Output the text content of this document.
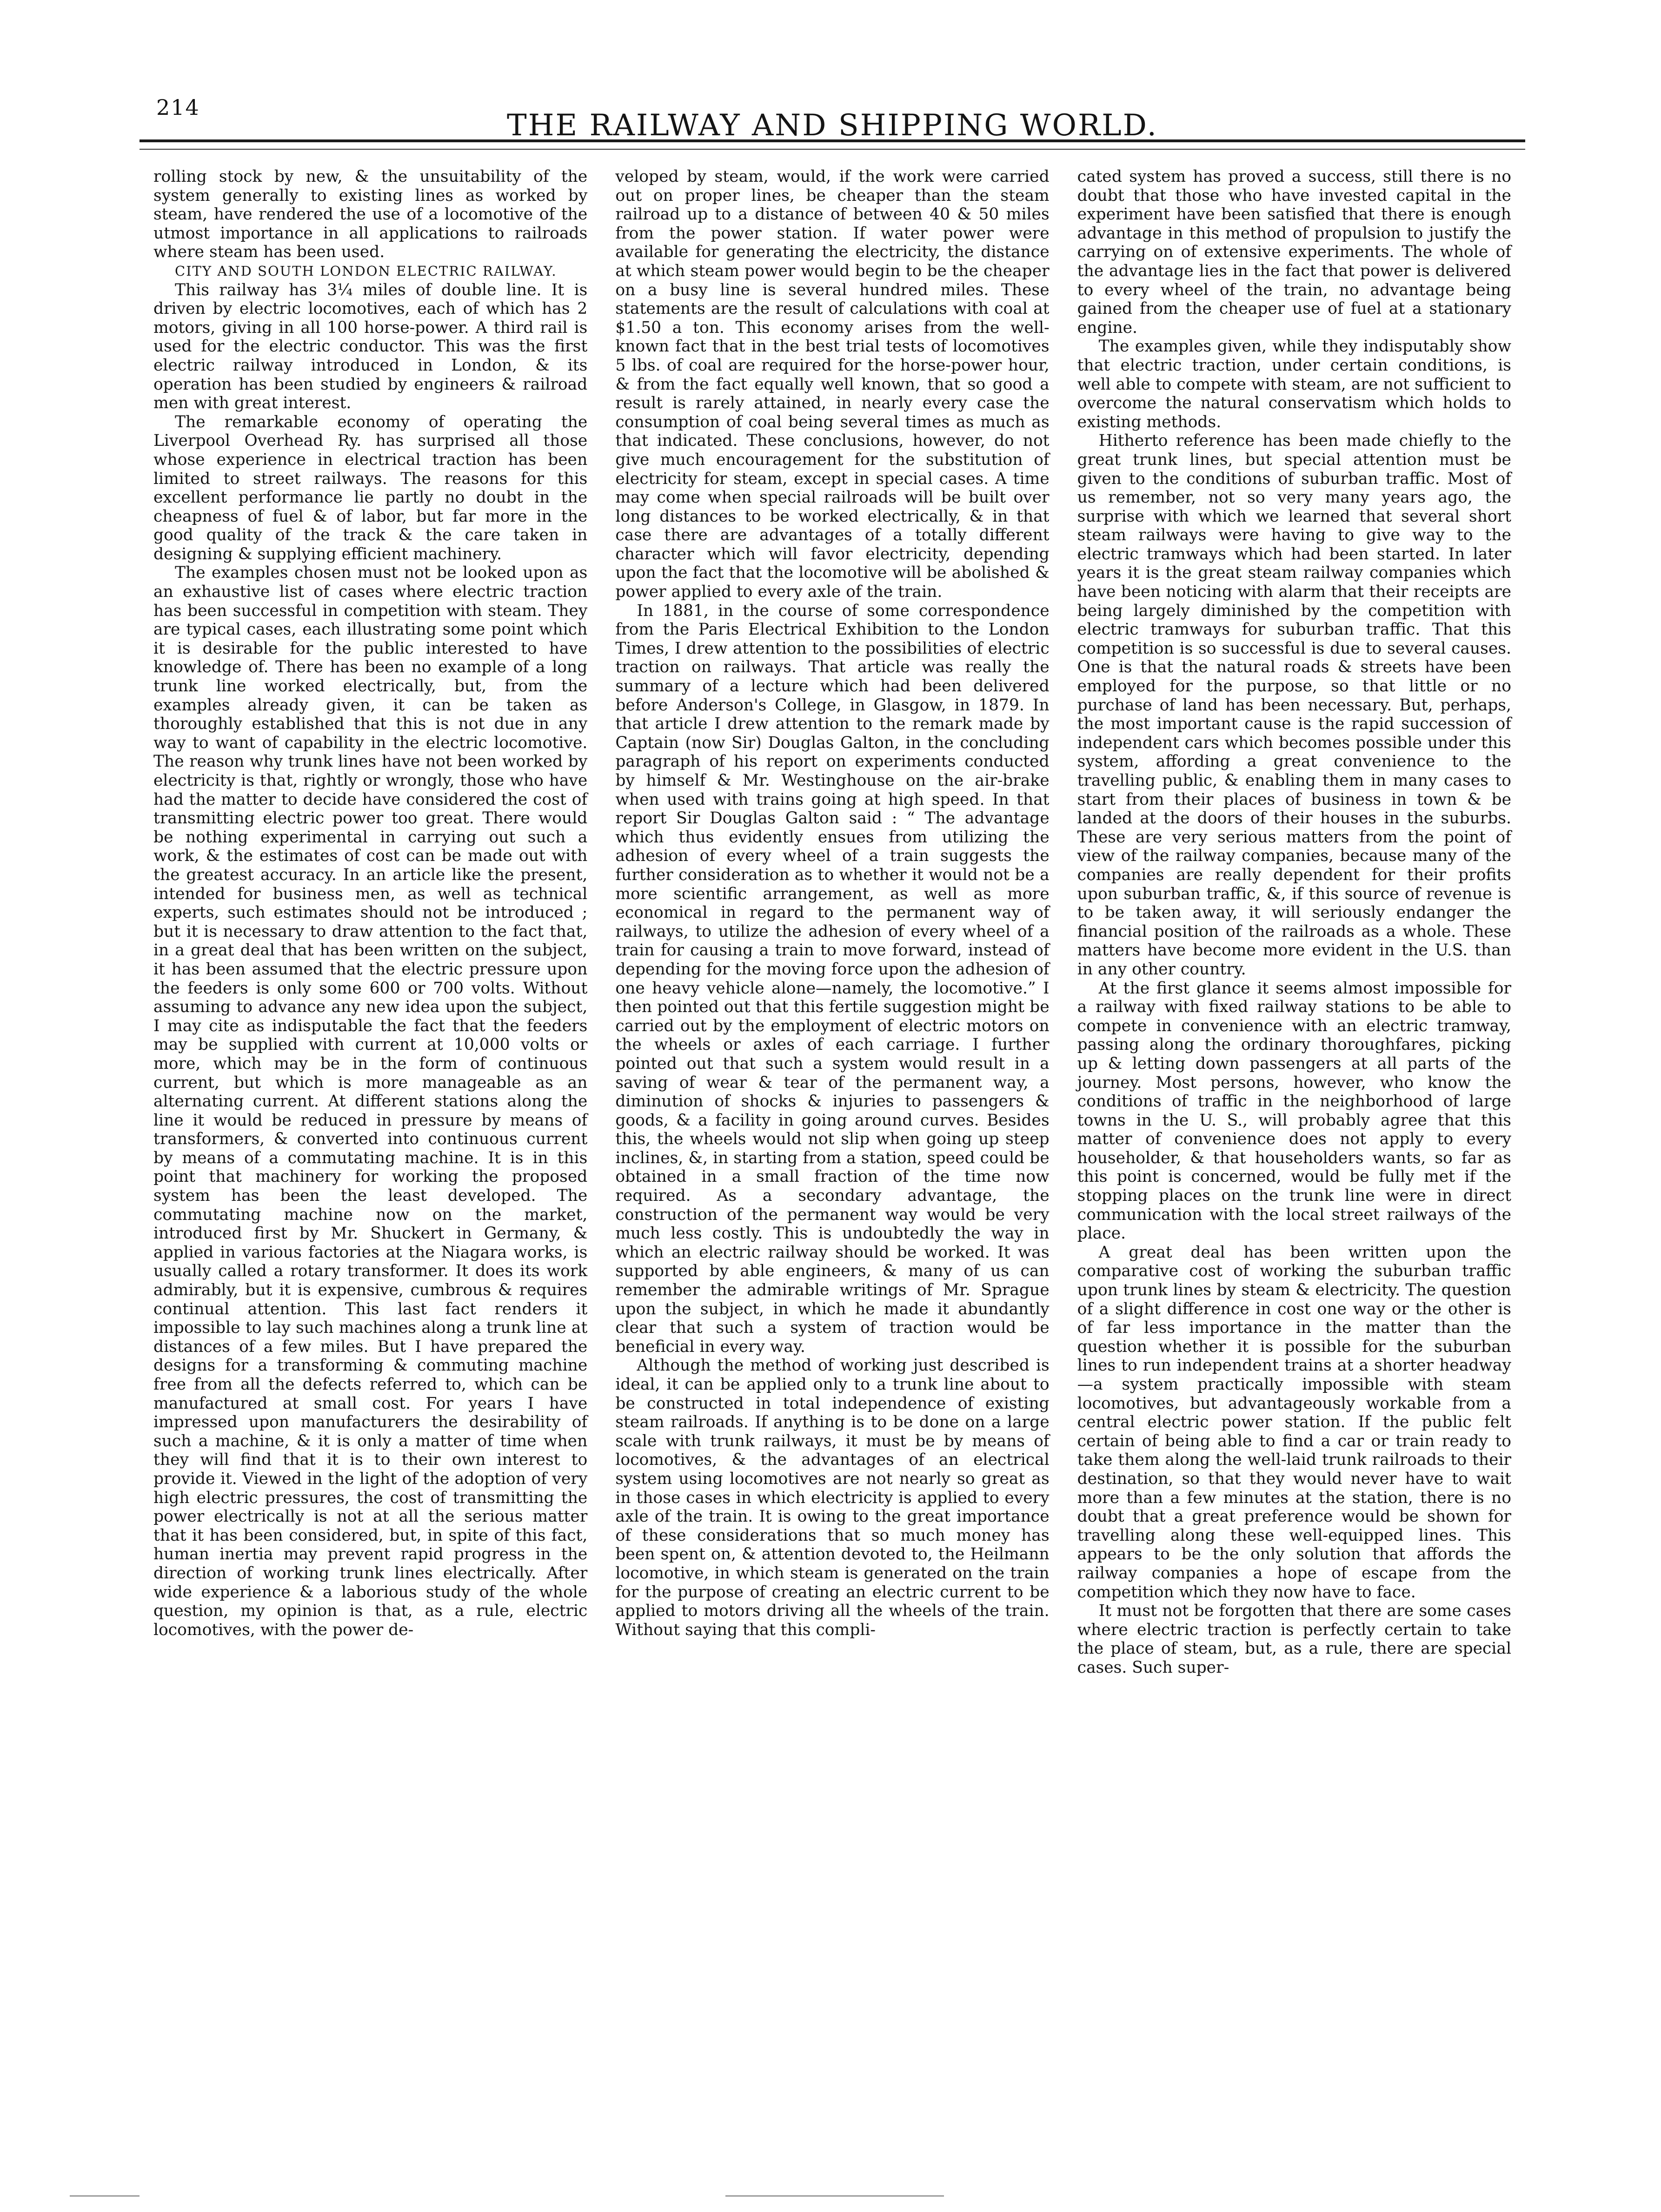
214
THE RAILWAY AND SHIPPING WORLD.

rolling stock by new, & the unsuitability of the system generally to existing lines as worked by steam, have rendered the use of a locomotive of the utmost importance in all applications to railroads where steam has been used.

CITY AND SOUTH LONDON ELECTRIC RAILWAY.

This railway has 3¼ miles of double line. It is driven by electric locomotives, each of which has 2 motors, giving in all 100 horse-power. A third rail is used for the electric conductor. This was the first electric railway introduced in London, & its operation has been studied by engineers & railroad men with great interest.

The remarkable economy of operating the Liverpool Overhead Ry. has surprised all those whose experience in electrical traction has been limited to street railways. The reasons for this excellent performance lie partly no doubt in the cheapness of fuel & of labor, but far more in the good quality of the track & the care taken in designing & supplying efficient machinery.

The examples chosen must not be looked upon as an exhaustive list of cases where electric traction has been successful in competition with steam. They are typical cases, each illustrating some point which it is desirable for the public interested to have knowledge of. There has been no example of a long trunk line worked electrically, but, from the examples already given, it can be taken as thoroughly established that this is not due in any way to want of capability in the electric locomotive. The reason why trunk lines have not been worked by electricity is that, rightly or wrongly, those who have had the matter to decide have considered the cost of transmitting electric power too great. There would be nothing experimental in carrying out such a work, & the estimates of cost can be made out with the greatest accuracy. In an article like the present, intended for business men, as well as technical experts, such estimates should not be introduced ; but it is necessary to draw attention to the fact that, in a great deal that has been written on the subject, it has been assumed that the electric pressure upon the feeders is only some 600 or 700 volts. Without assuming to advance any new idea upon the subject, I may cite as indisputable the fact that the feeders may be supplied with current at 10,000 volts or more, which may be in the form of continuous current, but which is more manageable as an alternating current. At different stations along the line it would be reduced in pressure by means of transformers, & converted into continuous current by means of a commutating machine. It is in this point that machinery for working the proposed system has been the least developed. The commutating machine now on the market, introduced first by Mr. Shuckert in Germany, & applied in various factories at the Niagara works, is usually called a rotary transformer. It does its work admirably, but it is expensive, cumbrous & requires continual attention. This last fact renders it impossible to lay such machines along a trunk line at distances of a few miles. But I have prepared the designs for a transforming & commuting machine free from all the defects referred to, which can be manufactured at small cost. For years I have impressed upon manufacturers the desirability of such a machine, & it is only a matter of time when they will find that it is to their own interest to provide it. Viewed in the light of the adoption of very high electric pressures, the cost of transmitting the power electrically is not at all the serious matter that it has been considered, but, in spite of this fact, human inertia may prevent rapid progress in the direction of working trunk lines electrically. After wide experience & a laborious study of the whole question, my opinion is that, as a rule, electric locomotives, with the power de-

veloped by steam, would, if the work were carried out on proper lines, be cheaper than the steam railroad up to a distance of between 40 & 50 miles from the power station. If water power were available for generating the electricity, the distance at which steam power would begin to be the cheaper on a busy line is several hundred miles. These statements are the result of calculations with coal at $1.50 a ton. This economy arises from the well-known fact that in the best trial tests of locomotives 5 lbs. of coal are required for the horse-power hour, & from the fact equally well known, that so good a result is rarely attained, in nearly every case the consumption of coal being several times as much as that indicated. These conclusions, however, do not give much encouragement for the substitution of electricity for steam, except in special cases. A time may come when special railroads will be built over long distances to be worked electrically, & in that case there are advantages of a totally different character which will favor electricity, depending upon the fact that the locomotive will be abolished & power applied to every axle of the train.

In 1881, in the course of some correspondence from the Paris Electrical Exhibition to the London Times, I drew attention to the possibilities of electric traction on railways. That article was really the summary of a lecture which had been delivered before Anderson's College, in Glasgow, in 1879. In that article I drew attention to the remark made by Captain (now Sir) Douglas Galton, in the concluding paragraph of his report on experiments conducted by himself & Mr. Westinghouse on the air-brake when used with trains going at high speed. In that report Sir Douglas Galton said : “ The advantage which thus evidently ensues from utilizing the adhesion of every wheel of a train suggests the further consideration as to whether it would not be a more scientific arrangement, as well as more economical in regard to the permanent way of railways, to utilize the adhesion of every wheel of a train for causing a train to move forward, instead of depending for the moving force upon the adhesion of one heavy vehicle alone—namely, the locomotive.” I then pointed out that this fertile suggestion might be carried out by the employment of electric motors on the wheels or axles of each carriage. I further pointed out that such a system would result in a saving of wear & tear of the permanent way, a diminution of shocks & injuries to passengers & goods, & a facility in going around curves. Besides this, the wheels would not slip when going up steep inclines, &, in starting from a station, speed could be obtained in a small fraction of the time now required. As a secondary advantage, the construction of the permanent way would be very much less costly. This is undoubtedly the way in which an electric railway should be worked. It was supported by able engineers, & many of us can remember the admirable writings of Mr. Sprague upon the subject, in which he made it abundantly clear that such a system of traction would be beneficial in every way.

Although the method of working just described is ideal, it can be applied only to a trunk line about to be constructed in total independence of existing steam railroads. If anything is to be done on a large scale with trunk railways, it must be by means of locomotives, & the advantages of an electrical system using locomotives are not nearly so great as in those cases in which electricity is applied to every axle of the train. It is owing to the great importance of these considerations that so much money has been spent on, & attention devoted to, the Heilmann locomotive, in which steam is generated on the train for the purpose of creating an electric current to be applied to motors driving all the wheels of the train. Without saying that this compli-

cated system has proved a success, still there is no doubt that those who have invested capital in the experiment have been satisfied that there is enough advantage in this method of propulsion to justify the carrying on of extensive experiments. The whole of the advantage lies in the fact that power is delivered to every wheel of the train, no advantage being gained from the cheaper use of fuel at a stationary engine.

The examples given, while they indisputably show that electric traction, under certain conditions, is well able to compete with steam, are not sufficient to overcome the natural conservatism which holds to existing methods.

Hitherto reference has been made chiefly to the great trunk lines, but special attention must be given to the conditions of suburban traffic. Most of us remember, not so very many years ago, the surprise with which we learned that several short steam railways were having to give way to the electric tramways which had been started. In later years it is the great steam railway companies which have been noticing with alarm that their receipts are being largely diminished by the competition with electric tramways for suburban traffic. That this competition is so successful is due to several causes. One is that the natural roads & streets have been employed for the purpose, so that little or no purchase of land has been necessary. But, perhaps, the most important cause is the rapid succession of independent cars which becomes possible under this system, affording a great convenience to the travelling public, & enabling them in many cases to start from their places of business in town & be landed at the doors of their houses in the suburbs. These are very serious matters from the point of view of the railway companies, because many of the companies are really dependent for their profits upon suburban traffic, &, if this source of revenue is to be taken away, it will seriously endanger the financial position of the railroads as a whole. These matters have become more evident in the U.S. than in any other country.

At the first glance it seems almost impossible for a railway with fixed railway stations to be able to compete in convenience with an electric tramway, passing along the ordinary thoroughfares, picking up & letting down passengers at all parts of the journey. Most persons, however, who know the conditions of traffic in the neighborhood of large towns in the U. S., will probably agree that this matter of convenience does not apply to every householder, & that householders wants, so far as this point is concerned, would be fully met if the stopping places on the trunk line were in direct communication with the local street railways of the place.

A great deal has been written upon the comparative cost of working the suburban traffic upon trunk lines by steam & electricity. The question of a slight difference in cost one way or the other is of far less importance in the matter than the question whether it is possible for the suburban lines to run independent trains at a shorter headway—a system practically impossible with steam locomotives, but advantageously workable from a central electric power station. If the public felt certain of being able to find a car or train ready to take them along the well-laid trunk railroads to their destination, so that they would never have to wait more than a few minutes at the station, there is no doubt that a great preference would be shown for travelling along these well-equipped lines. This appears to be the only solution that affords the railway companies a hope of escape from the competition which they now have to face.

It must not be forgotten that there are some cases where electric traction is perfectly certain to take the place of steam, but, as a rule, there are special cases. Such super-
